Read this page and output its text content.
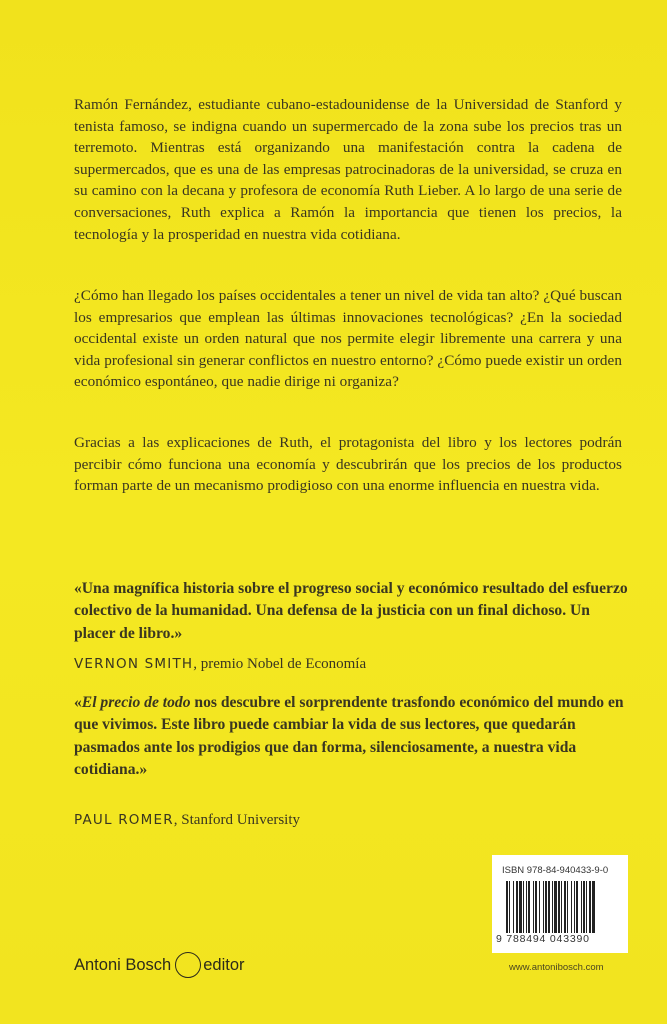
Ramón Fernández, estudiante cubano-estadounidense de la Universidad de Stanford y tenista famoso, se indigna cuando un supermercado de la zona sube los precios tras un terremoto. Mientras está organizando una manifestación contra la cadena de supermercados, que es una de las empresas patrocinadoras de la universidad, se cruza en su camino con la decana y profesora de economía Ruth Lieber. A lo largo de una serie de conversaciones, Ruth explica a Ramón la importancia que tienen los precios, la tecnología y la prosperidad en nuestra vida cotidiana.
¿Cómo han llegado los países occidentales a tener un nivel de vida tan alto? ¿Qué buscan los empresarios que emplean las últimas innovaciones tecnológicas? ¿En la sociedad occidental existe un orden natural que nos permite elegir libremente una carrera y una vida profesional sin generar conflictos en nuestro entorno? ¿Cómo puede existir un orden económico espontáneo, que nadie dirige ni organiza?
Gracias a las explicaciones de Ruth, el protagonista del libro y los lectores podrán percibir cómo funciona una economía y descubrirán que los precios de los productos forman parte de un mecanismo prodigioso con una enorme influencia en nuestra vida.
«Una magnífica historia sobre el progreso social y económico resultado del esfuerzo colectivo de la humanidad. Una defensa de la justicia con un final dichoso. Un placer de libro.»
VERNON SMITH, premio Nobel de Economía
«El precio de todo nos descubre el sorprendente trasfondo económico del mundo en que vivimos. Este libro puede cambiar la vida de sus lectores, que quedarán pasmados ante los prodigios que dan forma, silenciosamente, a nuestra vida cotidiana.»
PAUL ROMER, Stanford University
ISBN 978-84-940433-9-0
9 788494 043390
Antoni Bosch editor	www.antonibosch.com
